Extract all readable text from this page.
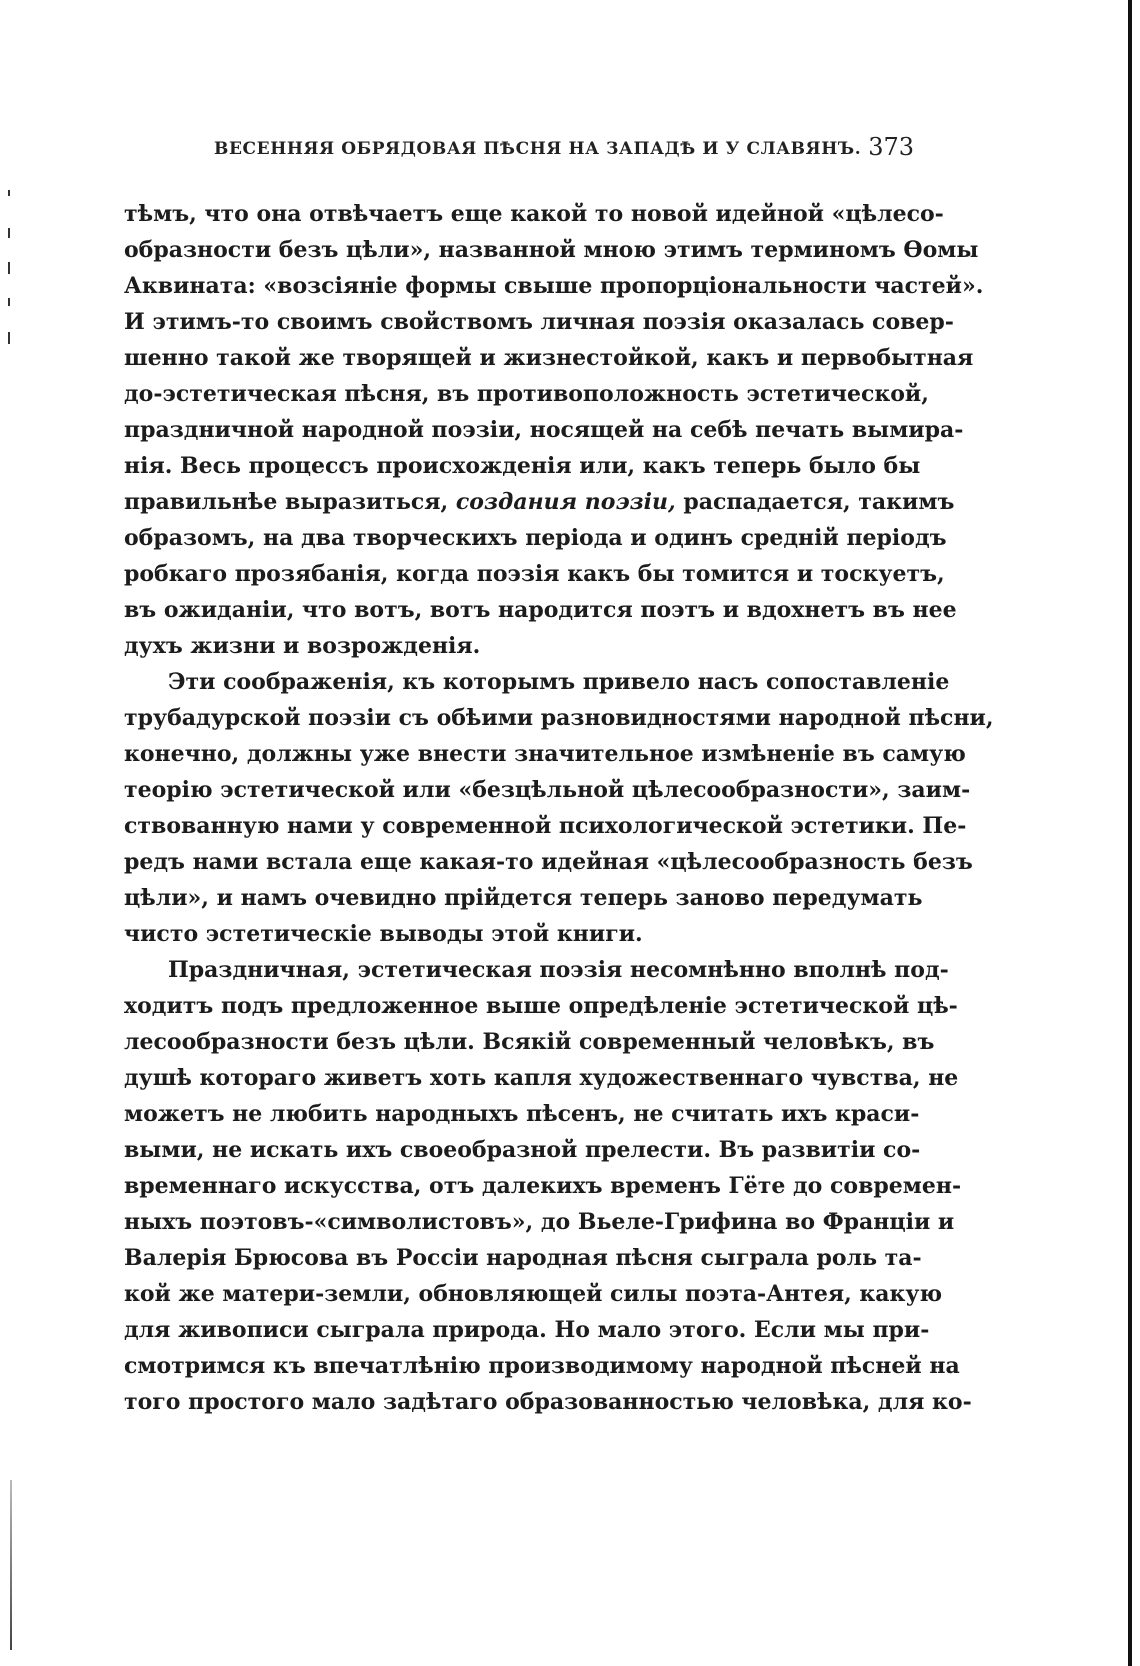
ВЕСЕННЯЯ ОБРЯДОВАЯ ПѢСНЯ НА ЗАПАДѢ И У СЛАВЯНЪ. 373
тѣмъ, что она отвѣчаетъ еще какой то новой идейной «цѣлесо-
образности безъ цѣли», названной мною этимъ терминомъ Ѳомы
Аквината: «возсіяніе формы свыше пропорціональности частей».
И этимъ-то своимъ свойствомъ личная поэзія оказалась совер-
шенно такой же творящей и жизнестойкой, какъ и первобытная
до-эстетическая пѣсня, въ противоположность эстетической,
праздничной народной поэзіи, носящей на себѣ печать вымира-
нія. Весь процессъ происхожденія или, какъ теперь было бы
правильнѣе выразиться, создания поэзіи, распадается, такимъ
образомъ, на два творческихъ періода и одинъ средній періодъ
робкаго прозябанія, когда поэзія какъ бы томится и тоскуетъ,
въ ожиданіи, что вотъ, вотъ народится поэтъ и вдохнетъ въ нее
духъ жизни и возрожденія.
Эти соображенія, къ которымъ привело насъ сопоставленіе
трубадурской поэзіи съ обѣими разновидностями народной пѣсни,
конечно, должны уже внести значительное измѣненіе въ самую
теорію эстетической или «безцѣльной цѣлесообразности», заим-
ствованную нами у современной психологической эстетики. Пе-
редъ нами встала еще какая-то идейная «цѣлесообразность безъ
цѣли», и намъ очевидно прійдется теперь заново передумать
чисто эстетическіе выводы этой книги.
Праздничная, эстетическая поэзія несомнѣнно вполнѣ под-
ходитъ подъ предложенное выше опредѣленіе эстетической цѣ-
лесообразности безъ цѣли. Всякій современный человѣкъ, въ
душѣ котораго живетъ хоть капля художественнаго чувства, не
можетъ не любить народныхъ пѣсенъ, не считать ихъ краси-
выми, не искать ихъ своеобразной прелести. Въ развитіи со-
временнаго искусства, отъ далекихъ временъ Гёте до современ-
ныхъ поэтовъ-«символистовъ», до Вьеле-Грифина во Франціи и
Валерія Брюсова въ Россіи народная пѣсня сыграла роль та-
кой же матери-земли, обновляющей силы поэта-Антея, какую
для живописи сыграла природа. Но мало этого. Если мы при-
смотримся къ впечатлѣнію производимому народной пѣсней на
того простого мало задѣтаго образованностью человѣка, для ко-
